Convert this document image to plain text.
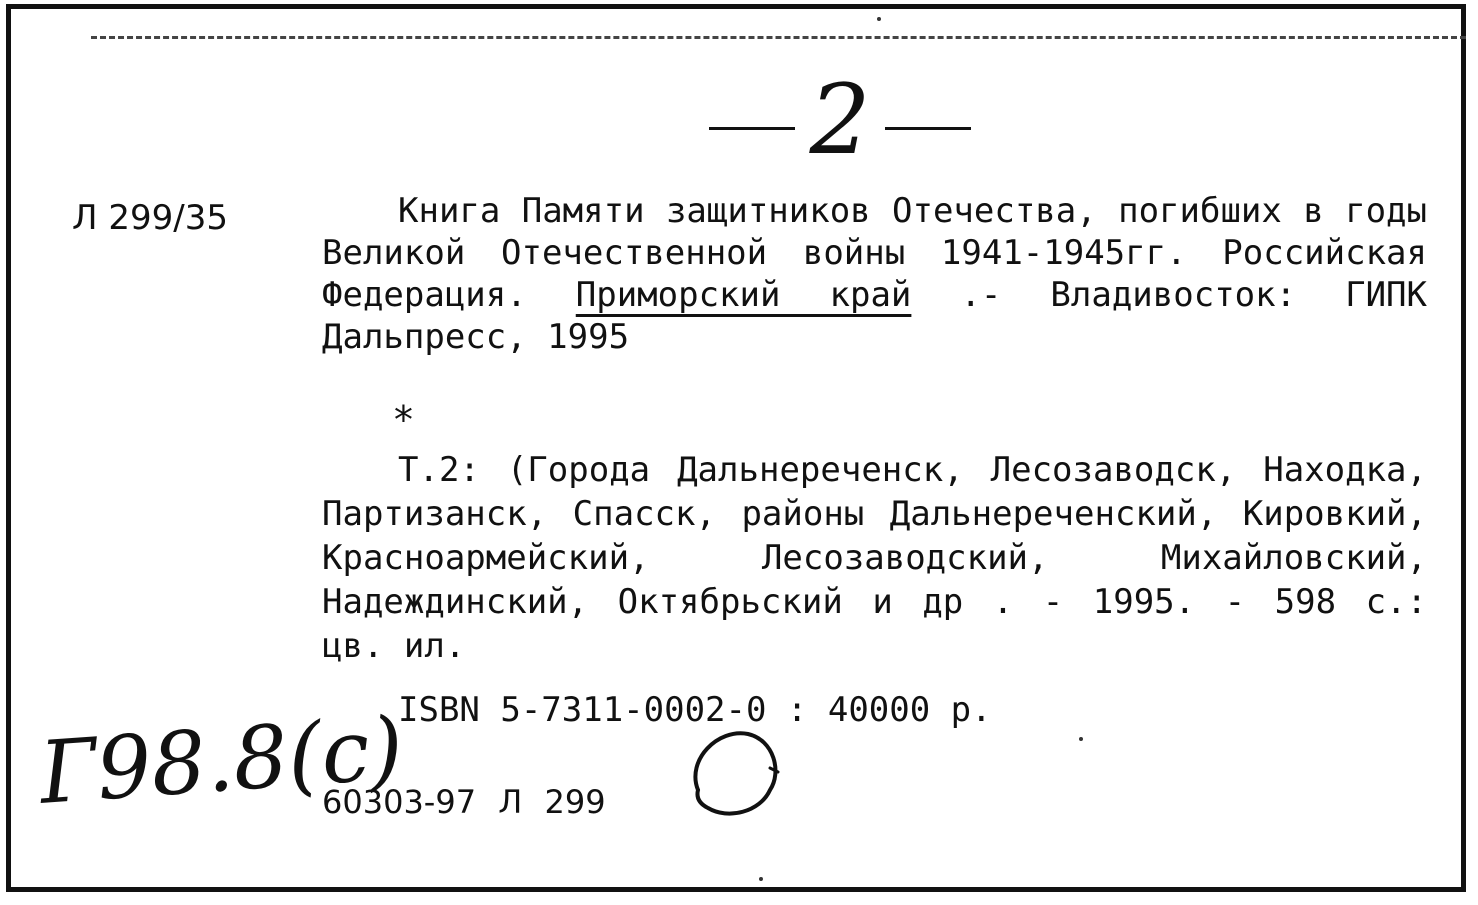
2
Л 299/35	Книга Памяти защитников Отечества, погибших в годы Великой Отечественной войны 1941-1945гг. Российская Федерация. Приморский край .- Владивосток: ГИПК Дальпресс, 1995

*
Т.2: (Города Дальнереченск, Лесозаводск, Находка, Партизанск, Спасск, районы Дальнереченский, Кировкий, Красноармейский, Лесозаводский, Михайловский, Надеждинский, Октябрьский и др . - 1995. - 598 с.: цв. ил.
ISBN 5-7311-0002-0 : 40000 р.
Г98.8(с)
60303-97 Л 299
